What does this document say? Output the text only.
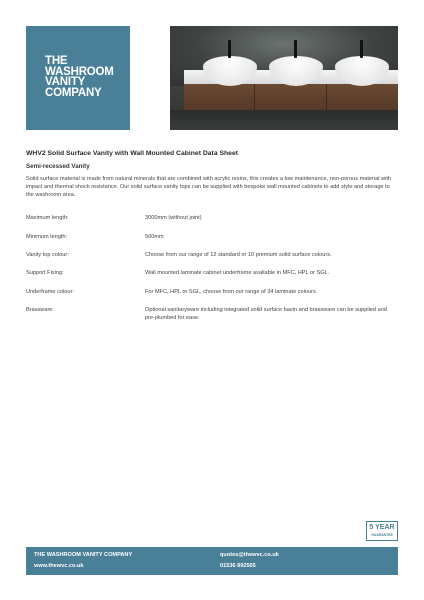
THE
WASHROOM
VANITY
COMPANY
WHV2 Solid Surface Vanity with Wall Mounted Cabinet Data Sheet
Semi-recessed Vanity
Solid surface material is made from natural minerals that are combined with acrylic resins, this creates a low maintenance, non-porous material with impact and thermal shock resistance. Our solid surface vanity tops can be supplied with bespoke wall mounted cabinets to add style and storage to the washroom area.
Maximum length:	3000mm (without joint)
Minimum length:	500mm
Vanity top colour:	Choose from our range of 12 standard or 10 premium solid surface colours.
Support Fixing:	Wall mounted laminate cabinet underframe available in MFC, HPL or SGL.
Underframe colour:	For MFC, HPL or SGL, choose from our range of 34 laminate colours.
Brassware:	Optional sanitaryware including integrated solid surface basin and brassware can be supplied and pre-plumbed for ease.
5 YEAR
GUARANTEE
THE WASHROOM VANITY COMPANY
www.thewvc.co.uk
quotes@thewvc.co.uk
01536 892505
